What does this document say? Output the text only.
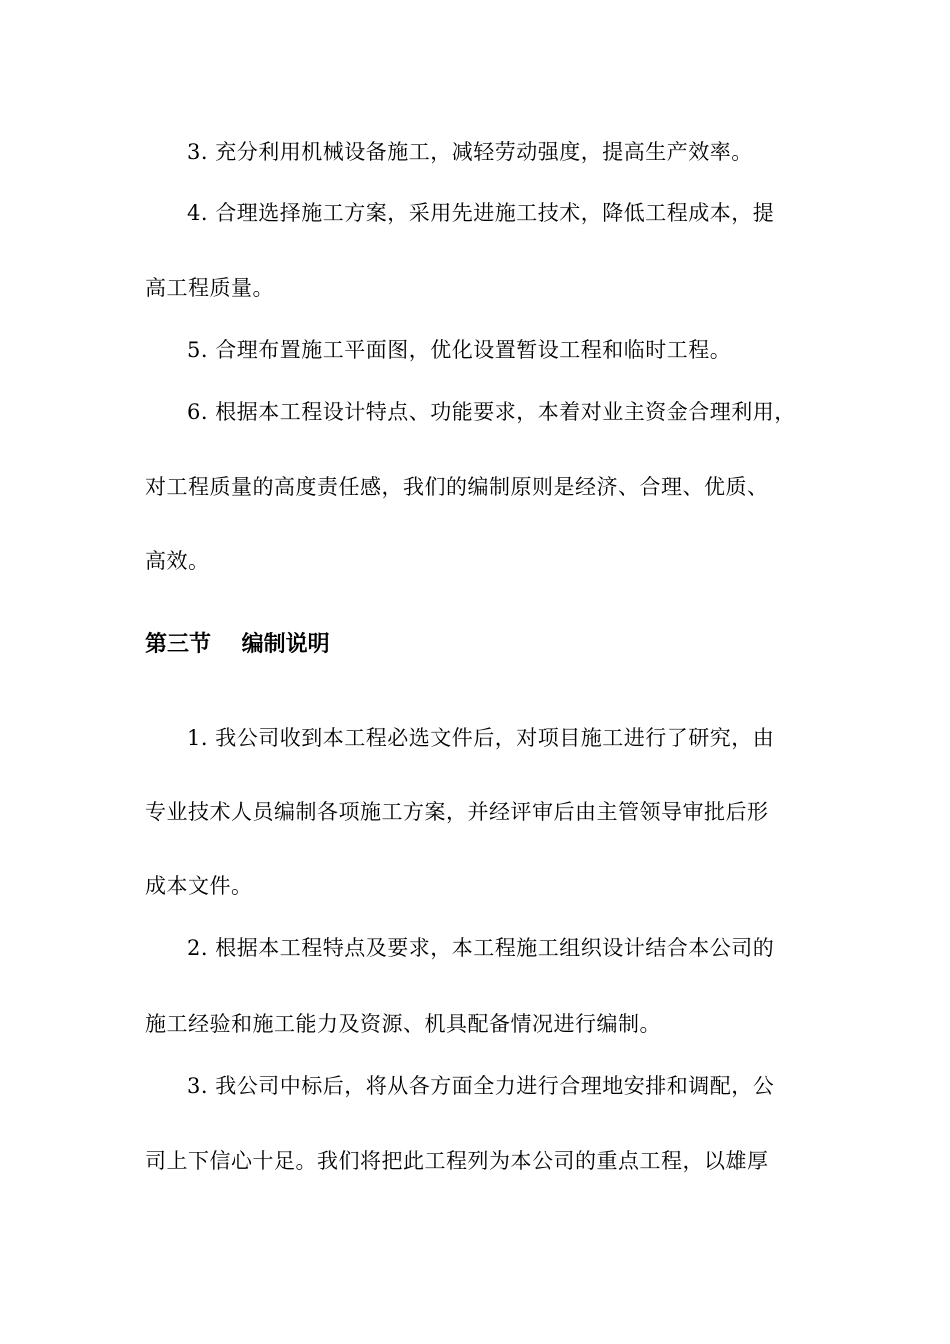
3. 充分利用机械设备施工，减轻劳动强度，提高生产效率。
4. 合理选择施工方案，采用先进施工技术，降低工程成本，提
高工程质量。
5. 合理布置施工平面图，优化设置暂设工程和临时工程。
6. 根据本工程设计特点、功能要求，本着对业主资金合理利用，
对工程质量的高度责任感，我们的编制原则是经济、合理、优质、
高效。
第三节    编制说明
1. 我公司收到本工程必选文件后，对项目施工进行了研究，由
专业技术人员编制各项施工方案，并经评审后由主管领导审批后形
成本文件。
2. 根据本工程特点及要求，本工程施工组织设计结合本公司的
施工经验和施工能力及资源、机具配备情况进行编制。
3. 我公司中标后，将从各方面全力进行合理地安排和调配，公
司上下信心十足。我们将把此工程列为本公司的重点工程，以雄厚
